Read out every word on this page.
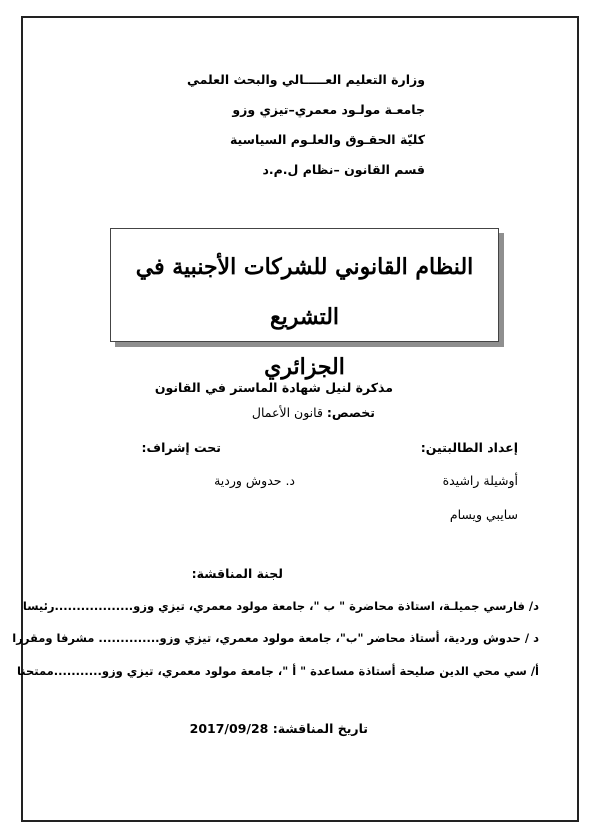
وزارة التعليم العـــــالي والبحث العلمي
جامعـة مولـود معمري–تيزي وزو
كليّة الحقـوق والعلـوم السياسية
قسم القانون –نظام ل.م.د
النظام القانوني للشركات الأجنبية في التشريع
الجزائري
مذكرة لنيل شهادة الماستر في القانون
تخصص: قانون الأعمال
إعداد الطالبتين:
تحت إشراف:
أوشيلة راشيدة
د. حدوش وردية
سايبي ويسام
لجنة المناقشة:
د/ فارسي جميلـة، استاذة محاضرة " ب "، جامعة مولود معمري، تيزي وزو..................رئيسا
د / حدوش وردية، أستاذ محاضر "ب"، جامعة مولود معمري، تيزي وزو.............. مشرفا ومقررا
أ/ سي محي الدين صليحة أستاذة مساعدة " أ "، جامعة مولود معمري، تيزي وزو...........ممتحنا
تاريخ المناقشة: 2017/09/28
